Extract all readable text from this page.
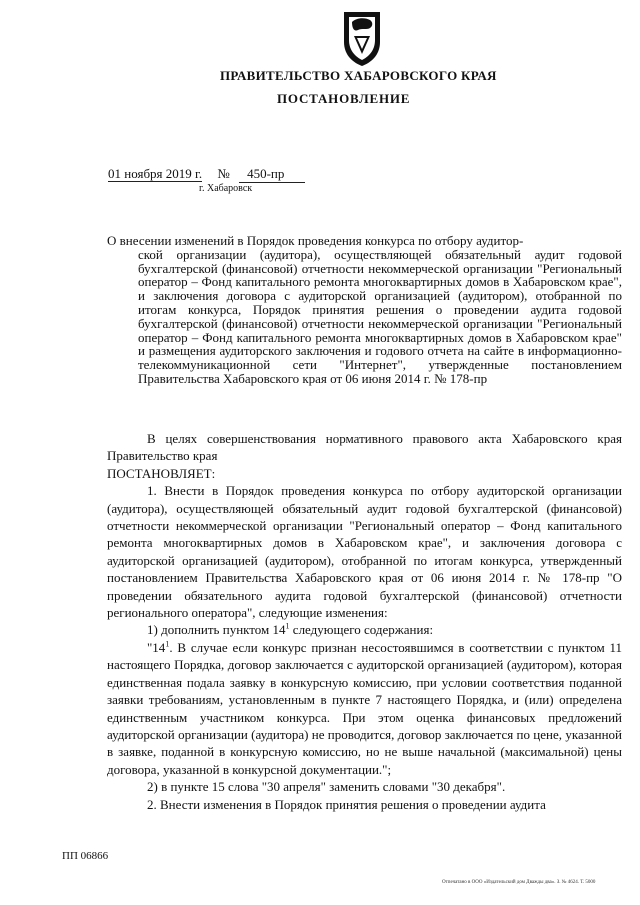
ПРАВИТЕЛЬСТВО ХАБАРОВСКОГО КРАЯ
ПОСТАНОВЛЕНИЕ
01 ноября 2019 г. № 450-пр
г. Хабаровск
О внесении изменений в Порядок проведения конкурса по отбору аудитор-
ской организации (аудитора), осуществляющей обязательный аудит годовой бухгалтерской (финансовой) отчетности некоммерческой организации "Региональный оператор – Фонд капитального ремонта многоквартирных домов в Хабаровском крае", и заключения договора с аудиторской организацией (аудитором), отобранной по итогам конкурса, Порядок принятия решения о проведении аудита годовой бухгалтерской (финансовой) отчетности некоммерческой организации "Региональный оператор – Фонд капитального ремонта многоквартирных домов в Хабаровском крае" и размещения аудиторского заключения и годового отчета на сайте в информационно-телекоммуникационной сети "Интернет", утвержденные постановлением Правительства Хабаровского края от 06 июня 2014 г. № 178-пр

В целях совершенствования нормативного правового акта Хабаровского края Правительство края

ПОСТАНОВЛЯЕТ:

1. Внести в Порядок проведения конкурса по отбору аудиторской организации (аудитора), осуществляющей обязательный аудит годовой бухгалтерской (финансовой) отчетности некоммерческой организации "Региональный оператор – Фонд капитального ремонта многоквартирных домов в Хабаровском крае", и заключения договора с аудиторской организацией (аудитором), отобранной по итогам конкурса, утвержденный постановлением Правительства Хабаровского края от 06 июня 2014 г. № 178-пр "О проведении обязательного аудита годовой бухгалтерской (финансовой) отчетности регионального оператора", следующие изменения:

1) дополнить пунктом $14^1$ следующего содержания:

"$14^1$. В случае если конкурс признан несостоявшимся в соответствии с пунктом 11 настоящего Порядка, договор заключается с аудиторской организацией (аудитором), которая единственная подала заявку в конкурсную комиссию, при условии соответствия поданной заявки требованиям, установленным в пункте 7 настоящего Порядка, и (или) определена единственным участником конкурса. При этом оценка финансовых предложений аудиторской организации (аудитора) не проводится, договор заключается по цене, указанной в заявке, поданной в конкурсную комиссию, но не выше начальной (максимальной) цены договора, указанной в конкурсной документации.";

2) в пункте 15 слова "30 апреля" заменить словами "30 декабря".

2. Внести изменения в Порядок принятия решения о проведении аудита

ПП 06866
Отпечатано в ООО «Издательский дом Дважды два». З. № 4624. Т. 5000
